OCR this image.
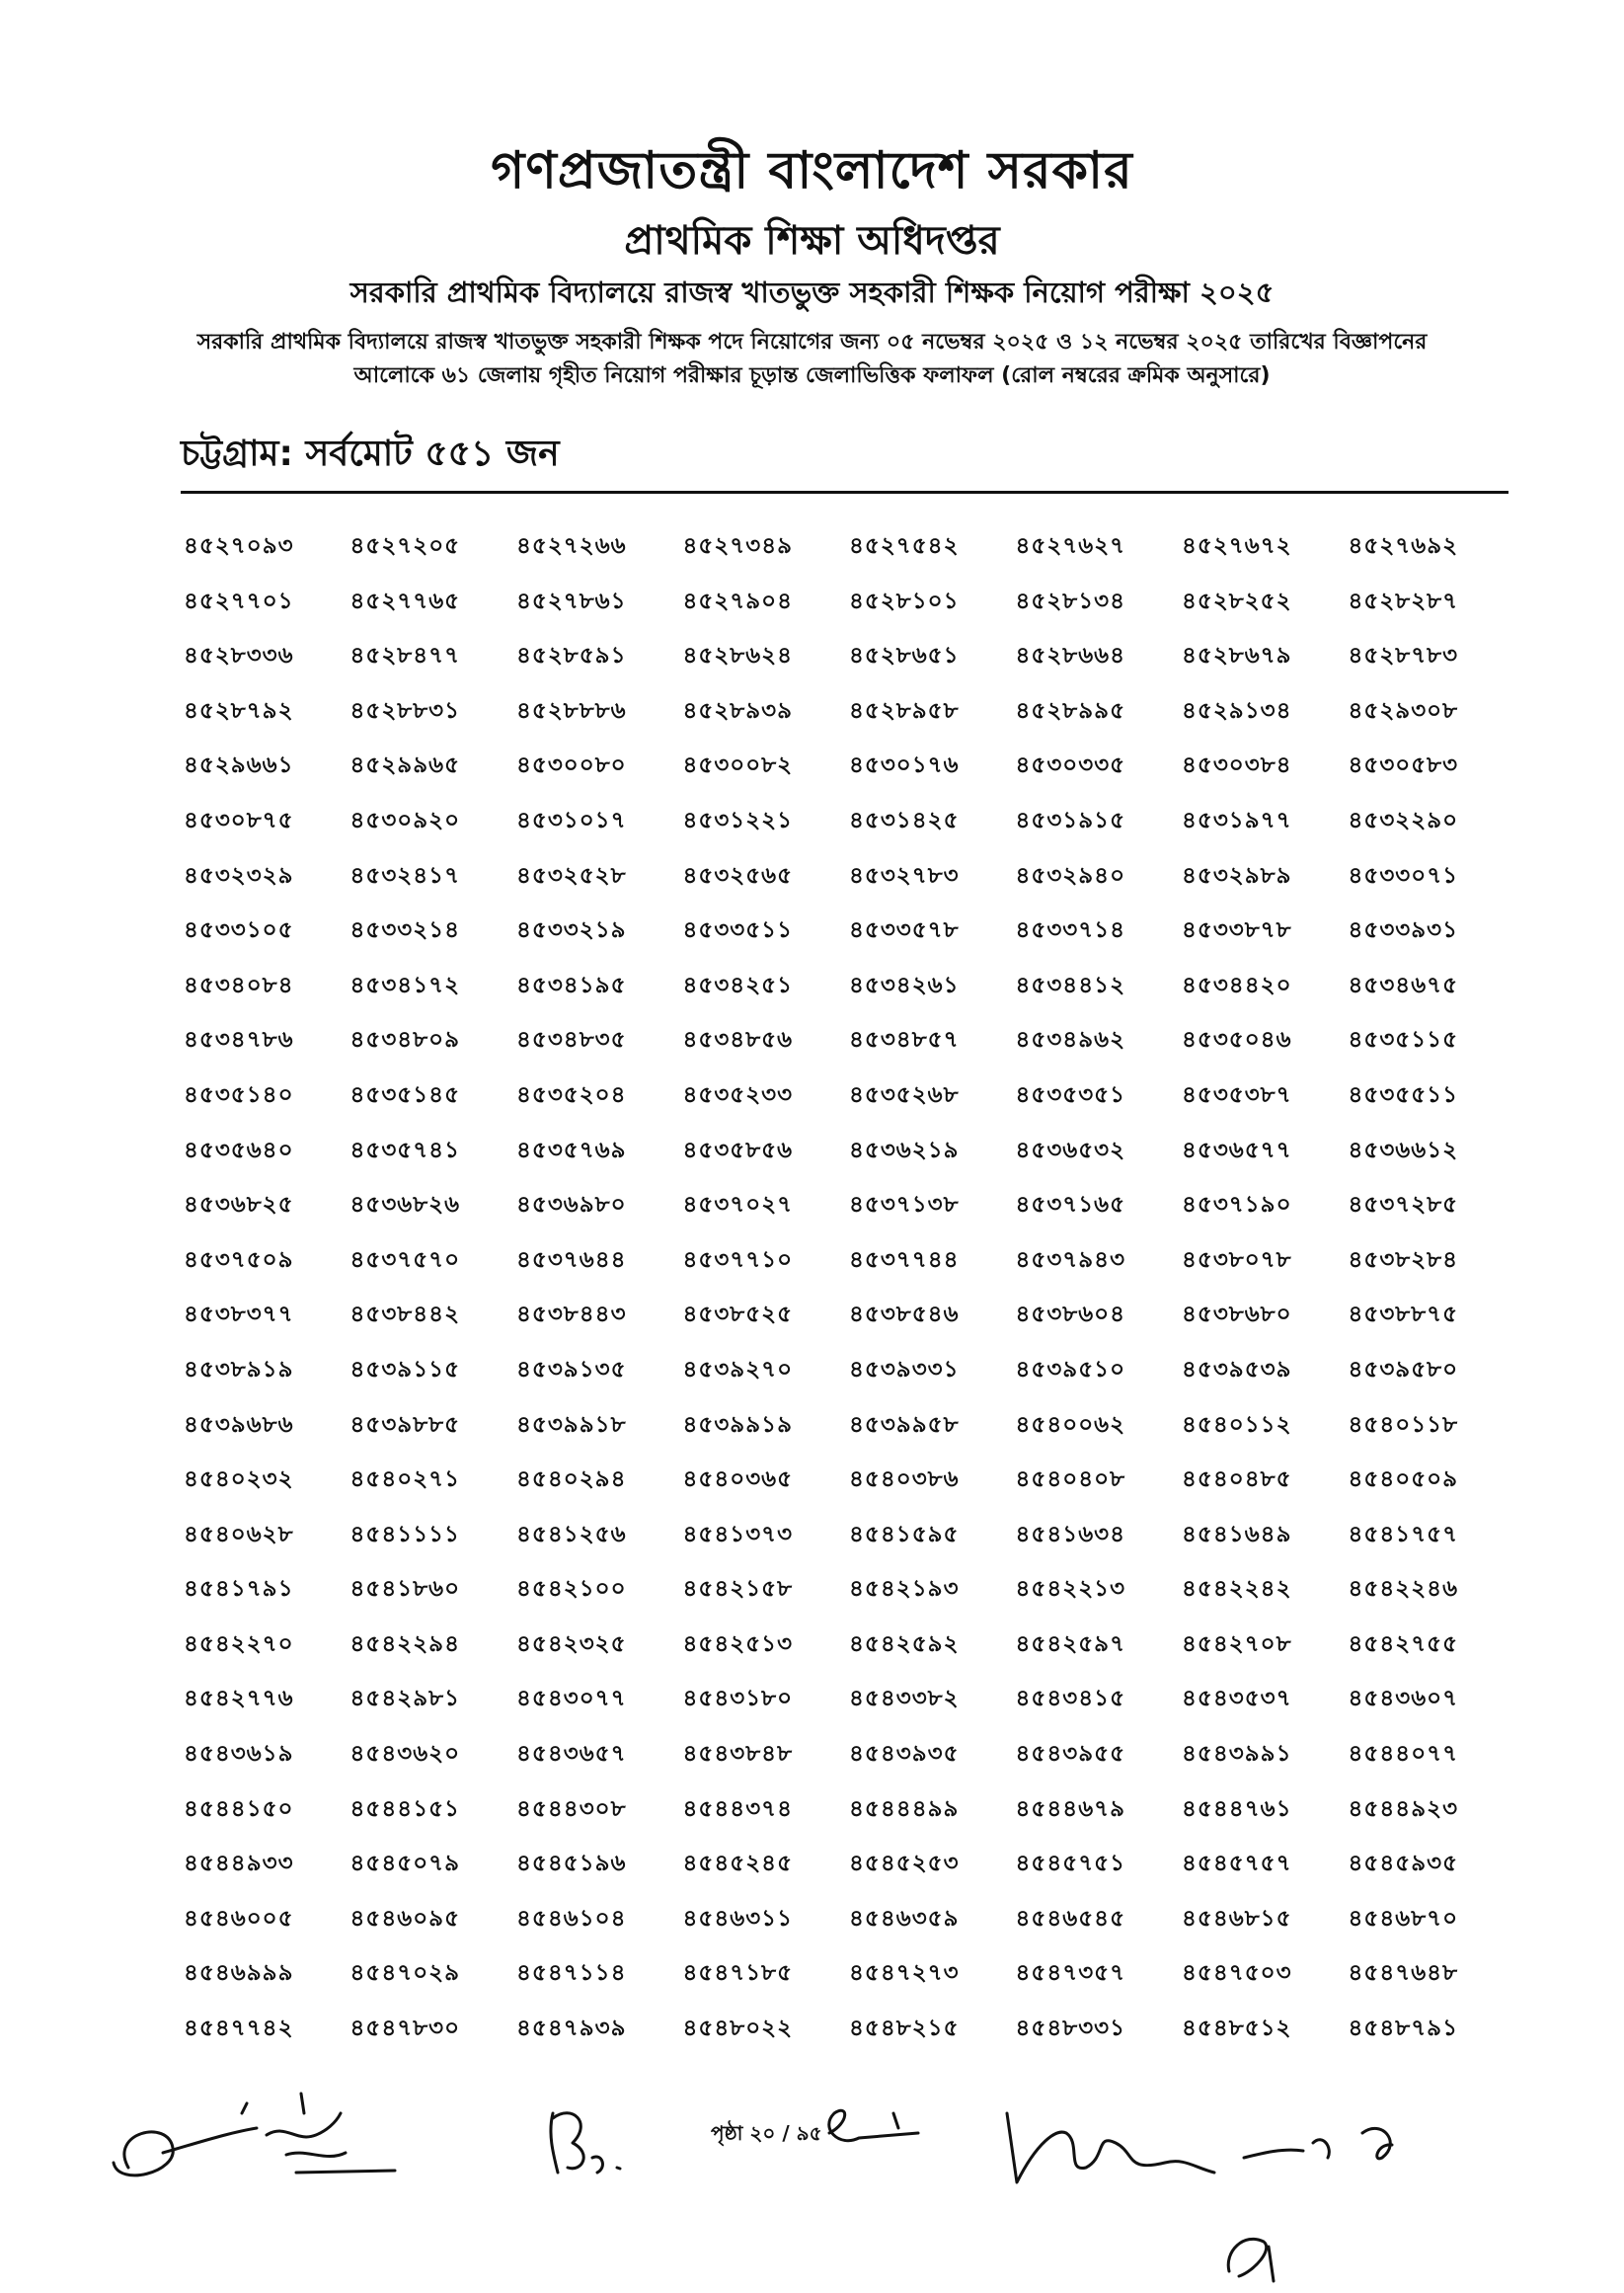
গণপ্রজাতন্ত্রী বাংলাদেশ সরকার
প্রাথমিক শিক্ষা অধিদপ্তর
সরকারি প্রাথমিক বিদ্যালয়ে রাজস্ব খাতভুক্ত সহকারী শিক্ষক নিয়োগ পরীক্ষা ২০২৫
সরকারি প্রাথমিক বিদ্যালয়ে রাজস্ব খাতভুক্ত সহকারী শিক্ষক পদে নিয়োগের জন্য ০৫ নভেম্বর ২০২৫ ও ১২ নভেম্বর ২০২৫ তারিখের বিজ্ঞাপনের
আলোকে ৬১ জেলায় গৃহীত নিয়োগ পরীক্ষার চূড়ান্ত জেলাভিত্তিক ফলাফল (রোল নম্বরের ক্রমিক অনুসারে)
চট্টগ্রাম: সর্বমোট ৫৫১ জন
৪৫২৭০৯৩	৪৫২৭২০৫	৪৫২৭২৬৬	৪৫২৭৩৪৯	৪৫২৭৫৪২	৪৫২৭৬২৭	৪৫২৭৬৭২	৪৫২৭৬৯২
৪৫২৭৭০১	৪৫২৭৭৬৫	৪৫২৭৮৬১	৪৫২৭৯০৪	৪৫২৮১০১	৪৫২৮১৩৪	৪৫২৮২৫২	৪৫২৮২৮৭
৪৫২৮৩৩৬	৪৫২৮৪৭৭	৪৫২৮৫৯১	৪৫২৮৬২৪	৪৫২৮৬৫১	৪৫২৮৬৬৪	৪৫২৮৬৭৯	৪৫২৮৭৮৩
৪৫২৮৭৯২	৪৫২৮৮৩১	৪৫২৮৮৮৬	৪৫২৮৯৩৯	৪৫২৮৯৫৮	৪৫২৮৯৯৫	৪৫২৯১৩৪	৪৫২৯৩০৮
৪৫২৯৬৬১	৪৫২৯৯৬৫	৪৫৩০০৮০	৪৫৩০০৮২	৪৫৩০১৭৬	৪৫৩০৩৩৫	৪৫৩০৩৮৪	৪৫৩০৫৮৩
৪৫৩০৮৭৫	৪৫৩০৯২০	৪৫৩১০১৭	৪৫৩১২২১	৪৫৩১৪২৫	৪৫৩১৯১৫	৪৫৩১৯৭৭	৪৫৩২২৯০
৪৫৩২৩২৯	৪৫৩২৪১৭	৪৫৩২৫২৮	৪৫৩২৫৬৫	৪৫৩২৭৮৩	৪৫৩২৯৪০	৪৫৩২৯৮৯	৪৫৩৩০৭১
৪৫৩৩১০৫	৪৫৩৩২১৪	৪৫৩৩২১৯	৪৫৩৩৫১১	৪৫৩৩৫৭৮	৪৫৩৩৭১৪	৪৫৩৩৮৭৮	৪৫৩৩৯৩১
৪৫৩৪০৮৪	৪৫৩৪১৭২	৪৫৩৪১৯৫	৪৫৩৪২৫১	৪৫৩৪২৬১	৪৫৩৪৪১২	৪৫৩৪৪২০	৪৫৩৪৬৭৫
৪৫৩৪৭৮৬	৪৫৩৪৮০৯	৪৫৩৪৮৩৫	৪৫৩৪৮৫৬	৪৫৩৪৮৫৭	৪৫৩৪৯৬২	৪৫৩৫০৪৬	৪৫৩৫১১৫
৪৫৩৫১৪০	৪৫৩৫১৪৫	৪৫৩৫২০৪	৪৫৩৫২৩৩	৪৫৩৫২৬৮	৪৫৩৫৩৫১	৪৫৩৫৩৮৭	৪৫৩৫৫১১
৪৫৩৫৬৪০	৪৫৩৫৭৪১	৪৫৩৫৭৬৯	৪৫৩৫৮৫৬	৪৫৩৬২১৯	৪৫৩৬৫৩২	৪৫৩৬৫৭৭	৪৫৩৬৬১২
৪৫৩৬৮২৫	৪৫৩৬৮২৬	৪৫৩৬৯৮০	৪৫৩৭০২৭	৪৫৩৭১৩৮	৪৫৩৭১৬৫	৪৫৩৭১৯০	৪৫৩৭২৮৫
৪৫৩৭৫০৯	৪৫৩৭৫৭০	৪৫৩৭৬৪৪	৪৫৩৭৭১০	৪৫৩৭৭৪৪	৪৫৩৭৯৪৩	৪৫৩৮০৭৮	৪৫৩৮২৮৪
৪৫৩৮৩৭৭	৪৫৩৮৪৪২	৪৫৩৮৪৪৩	৪৫৩৮৫২৫	৪৫৩৮৫৪৬	৪৫৩৮৬০৪	৪৫৩৮৬৮০	৪৫৩৮৮৭৫
৪৫৩৮৯১৯	৪৫৩৯১১৫	৪৫৩৯১৩৫	৪৫৩৯২৭০	৪৫৩৯৩৩১	৪৫৩৯৫১০	৪৫৩৯৫৩৯	৪৫৩৯৫৮০
৪৫৩৯৬৮৬	৪৫৩৯৮৮৫	৪৫৩৯৯১৮	৪৫৩৯৯১৯	৪৫৩৯৯৫৮	৪৫৪০০৬২	৪৫৪০১১২	৪৫৪০১১৮
৪৫৪০২৩২	৪৫৪০২৭১	৪৫৪০২৯৪	৪৫৪০৩৬৫	৪৫৪০৩৮৬	৪৫৪০৪০৮	৪৫৪০৪৮৫	৪৫৪০৫০৯
৪৫৪০৬২৮	৪৫৪১১১১	৪৫৪১২৫৬	৪৫৪১৩৭৩	৪৫৪১৫৯৫	৪৫৪১৬৩৪	৪৫৪১৬৪৯	৪৫৪১৭৫৭
৪৫৪১৭৯১	৪৫৪১৮৬০	৪৫৪২১০০	৪৫৪২১৫৮	৪৫৪২১৯৩	৪৫৪২২১৩	৪৫৪২২৪২	৪৫৪২২৪৬
৪৫৪২২৭০	৪৫৪২২৯৪	৪৫৪২৩২৫	৪৫৪২৫১৩	৪৫৪২৫৯২	৪৫৪২৫৯৭	৪৫৪২৭০৮	৪৫৪২৭৫৫
৪৫৪২৭৭৬	৪৫৪২৯৮১	৪৫৪৩০৭৭	৪৫৪৩১৮০	৪৫৪৩৩৮২	৪৫৪৩৪১৫	৪৫৪৩৫৩৭	৪৫৪৩৬০৭
৪৫৪৩৬১৯	৪৫৪৩৬২০	৪৫৪৩৬৫৭	৪৫৪৩৮৪৮	৪৫৪৩৯৩৫	৪৫৪৩৯৫৫	৪৫৪৩৯৯১	৪৫৪৪০৭৭
৪৫৪৪১৫০	৪৫৪৪১৫১	৪৫৪৪৩০৮	৪৫৪৪৩৭৪	৪৫৪৪৪৯৯	৪৫৪৪৬৭৯	৪৫৪৪৭৬১	৪৫৪৪৯২৩
৪৫৪৪৯৩৩	৪৫৪৫০৭৯	৪৫৪৫১৯৬	৪৫৪৫২৪৫	৪৫৪৫২৫৩	৪৫৪৫৭৫১	৪৫৪৫৭৫৭	৪৫৪৫৯৩৫
৪৫৪৬০০৫	৪৫৪৬০৯৫	৪৫৪৬১০৪	৪৫৪৬৩১১	৪৫৪৬৩৫৯	৪৫৪৬৫৪৫	৪৫৪৬৮১৫	৪৫৪৬৮৭০
৪৫৪৬৯৯৯	৪৫৪৭০২৯	৪৫৪৭১১৪	৪৫৪৭১৮৫	৪৫৪৭২৭৩	৪৫৪৭৩৫৭	৪৫৪৭৫০৩	৪৫৪৭৬৪৮
৪৫৪৭৭৪২	৪৫৪৭৮৩০	৪৫৪৭৯৩৯	৪৫৪৮০২২	৪৫৪৮২১৫	৪৫৪৮৩৩১	৪৫৪৮৫১২	৪৫৪৮৭৯১
পৃষ্ঠা ২০ / ৯৫
